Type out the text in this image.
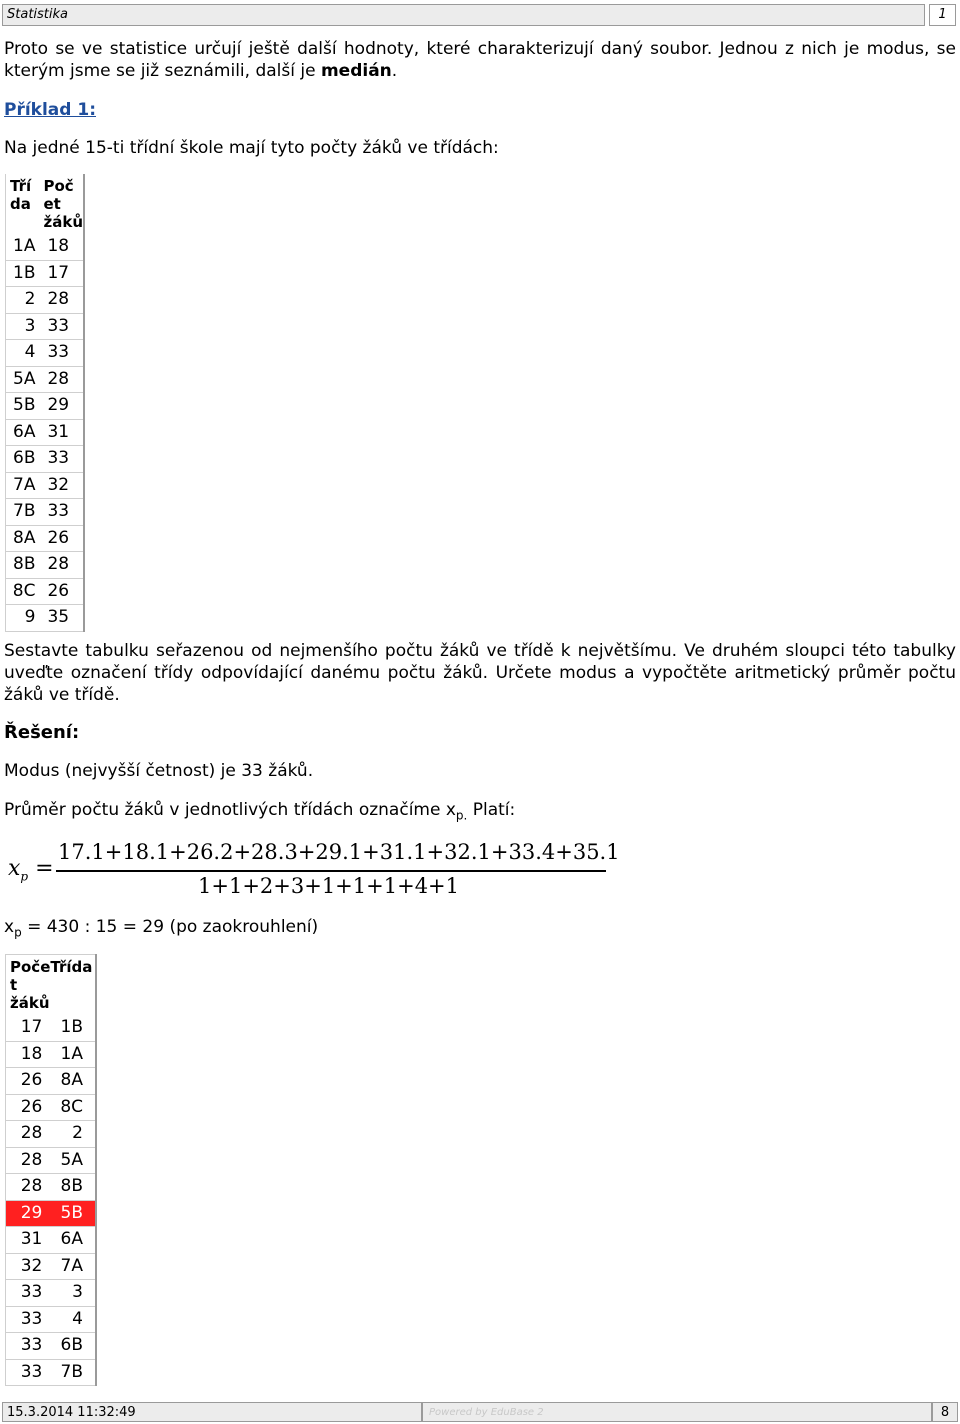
Statistika	1
Proto se ve statistice určují ještě další hodnoty, které charakterizují daný soubor. Jednou z nich je modus, se kterým jsme se již seznámili, další je medián.
Příklad 1:
Na jedné 15-ti třídní škole mají tyto počty žáků ve třídách:
Tří da	Poč et žáků
1A	18
1B	17
2	28
3	33
4	33
5A	28
5B	29
6A	31
6B	33
7A	32
7B	33
8A	26
8B	28
8C	26
9	35
Sestavte tabulku seřazenou od nejmenšího počtu žáků ve třídě k největšímu. Ve druhém sloupci této tabulky uveďte označení třídy odpovídající danému počtu žáků. Určete modus a vypočtěte aritmetický průměr počtu žáků ve třídě.
Řešení:
Modus (nejvyšší četnost) je 33 žáků.
Průměr počtu žáků v jednotlivých třídách označíme $x_{p.}$ Platí:
$x_p$ =
17.1+18.1+26.2+28.3+29.1+31.1+32.1+33.4+35.1
1+1+2+3+1+1+1+4+1
$x_p = 430$ : 15 = 29 (po zaokrouhlení)
Poče t žáků	Třída
17	1B
18	1A
26	8A
26	8C
28	2
28	5A
28	8B
29	5B
31	6A
32	7A
33	3
33	4
33	6B
33	7B
15.3.2014 11:32:49	Powered by EduBase 2	8
